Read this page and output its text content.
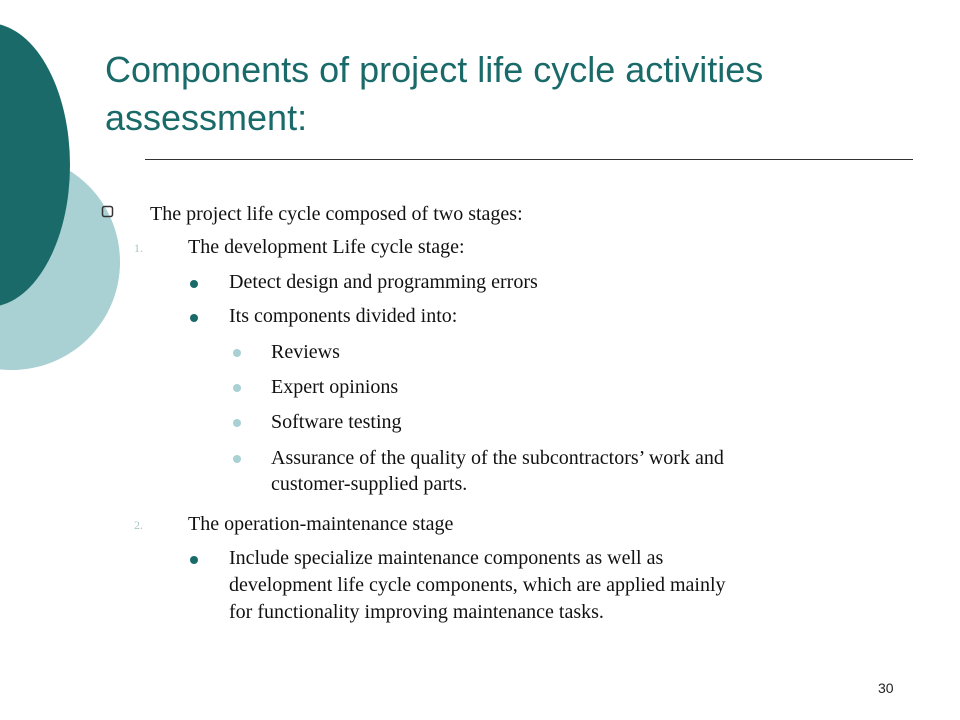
Components of project life cycle activities assessment:
The project life cycle composed of two stages:
1. The development Life cycle stage:
Detect design and programming errors
Its components divided into:
Reviews
Expert opinions
Software testing
Assurance of the quality of the subcontractors’ work and
customer-supplied parts.
2. The operation-maintenance stage
Include specialize maintenance components as well as
development life cycle components, which are applied mainly
for functionality improving maintenance tasks.
30
